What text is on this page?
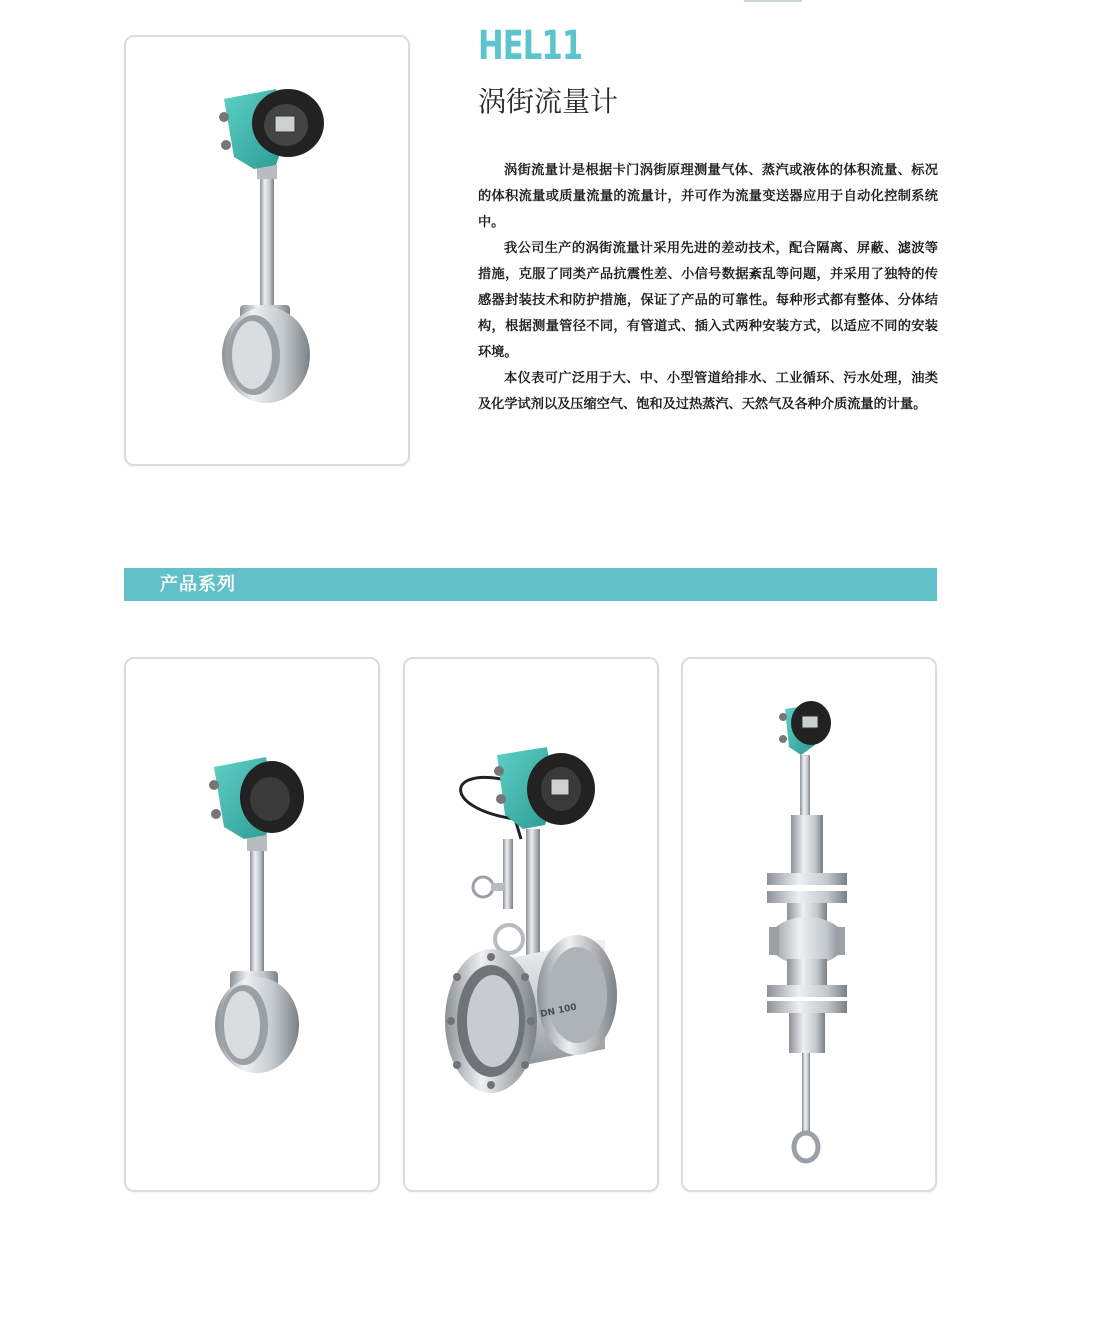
HEL11
涡街流量计

涡街流量计是根据卡门涡街原理测量气体、蒸汽或液体的体积流量、标况的体积流量或质量流量的流量计，并可作为流量变送器应用于自动化控制系统中。

我公司生产的涡街流量计采用先进的差动技术，配合隔离、屏蔽、滤波等措施，克服了同类产品抗震性差、小信号数据紊乱等问题，并采用了独特的传感器封装技术和防护措施，保证了产品的可靠性。每种形式都有整体、分体结构，根据测量管径不同，有管道式、插入式两种安装方式，以适应不同的安装环境。

本仪表可广泛用于大、中、小型管道给排水、工业循环、污水处理，油类及化学试剂以及压缩空气、饱和及过热蒸汽、天然气及各种介质流量的计量。

产品系列
DN 100
